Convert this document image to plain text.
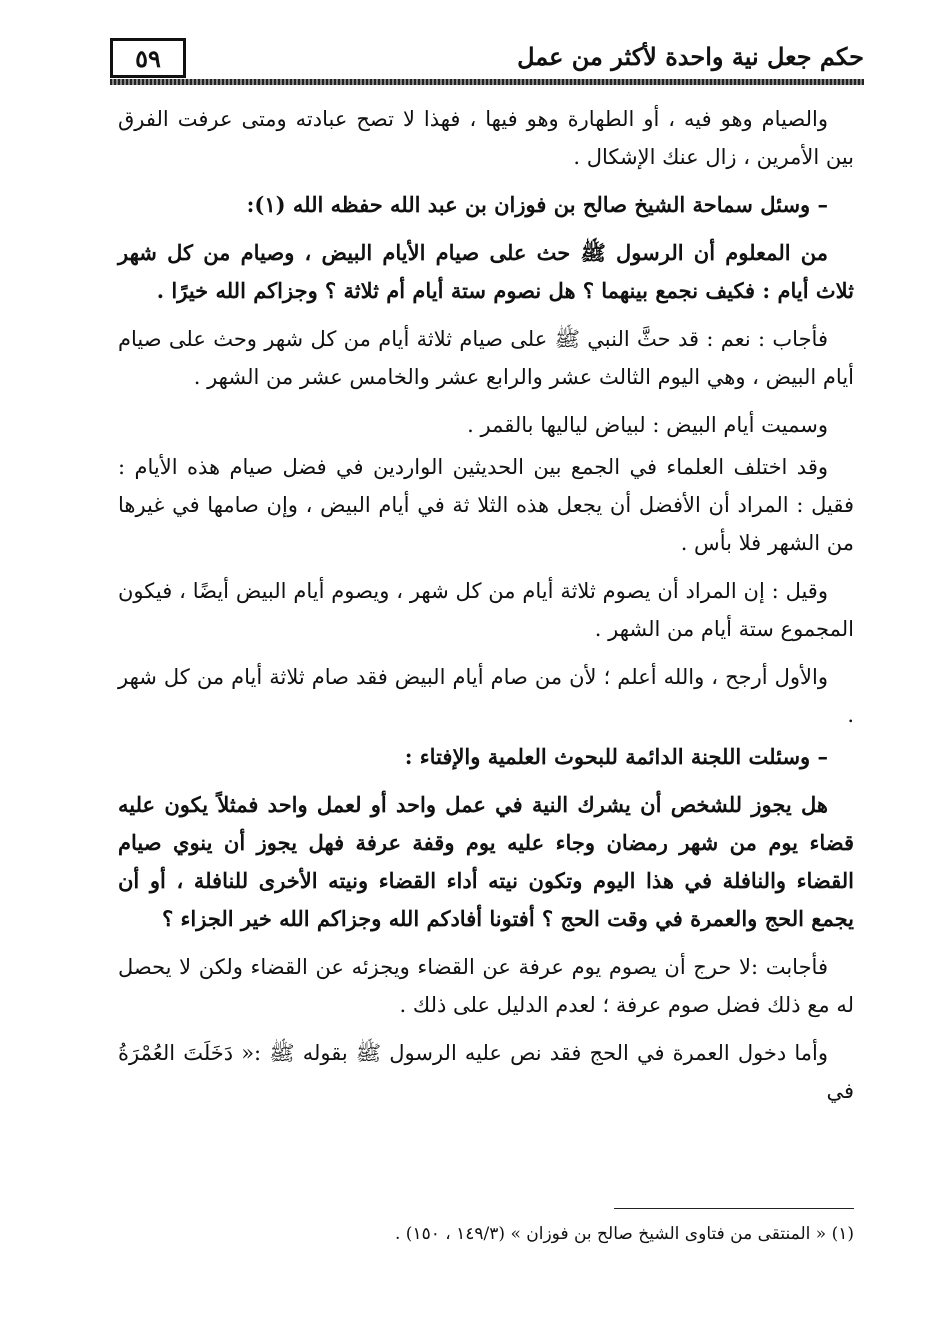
حكم جعل نية واحدة لأكثر من عمل
٥٩

والصيام وهو فيه ، أو الطهارة وهو فيها ، فهذا لا تصح عبادته ومتى عرفت الفرق بين الأمرين ، زال عنك الإشكال .

– وسئل سماحة الشيخ صالح بن فوزان بن عبد الله حفظه الله (١):

من المعلوم أن الرسول ﷺ حث على صيام الأيام البيض ، وصيام من كل شهر ثلاث أيام : فكيف نجمع بينهما ؟ هل نصوم ستة أيام أم ثلاثة ؟ وجزاكم الله خيرًا .

فأجاب : نعم : قد حثَّ النبي ﷺ على صيام ثلاثة أيام من كل شهر وحث على صيام أيام البيض ، وهي اليوم الثالث عشر والرابع عشر والخامس عشر من الشهر .

وسميت أيام البيض : لبياض لياليها بالقمر .

وقد اختلف العلماء في الجمع بين الحديثين الواردين في فضل صيام هذه الأيام : فقيل : المراد أن الأفضل أن يجعل هذه الثلا ثة في أيام البيض ، وإن صامها في غيرها من الشهر فلا بأس .

وقيل : إن المراد أن يصوم ثلاثة أيام من كل شهر ، ويصوم أيام البيض أيضًا ، فيكون المجموع ستة أيام من الشهر .

والأول أرجح ، والله أعلم ؛ لأن من صام أيام البيض فقد صام ثلاثة أيام من كل شهر .

– وسئلت اللجنة الدائمة للبحوث العلمية والإفتاء :

هل يجوز للشخص أن يشرك النية في عمل واحد أو لعمل واحد فمثلاً يكون عليه قضاء يوم من شهر رمضان وجاء عليه يوم وقفة عرفة فهل يجوز أن ينوي صيام القضاء والنافلة في هذا اليوم وتكون نيته أداء القضاء ونيته الأخرى للنافلة ، أو أن يجمع الحج والعمرة في وقت الحج ؟ أفتونا أفادكم الله وجزاكم الله خير الجزاء ؟

فأجابت :لا حرج أن يصوم يوم عرفة عن القضاء ويجزئه عن القضاء ولكن لا يحصل له مع ذلك فضل صوم عرفة ؛ لعدم الدليل على ذلك .

وأما دخول العمرة في الحج فقد نص عليه الرسول ﷺ بقوله ﷺ :« دَخَلَتَ العُمْرَةُ في

(١) « المنتقى من فتاوى الشيخ صالح بن فوزان » (١٤٩/٣ ، ١٥٠) .
